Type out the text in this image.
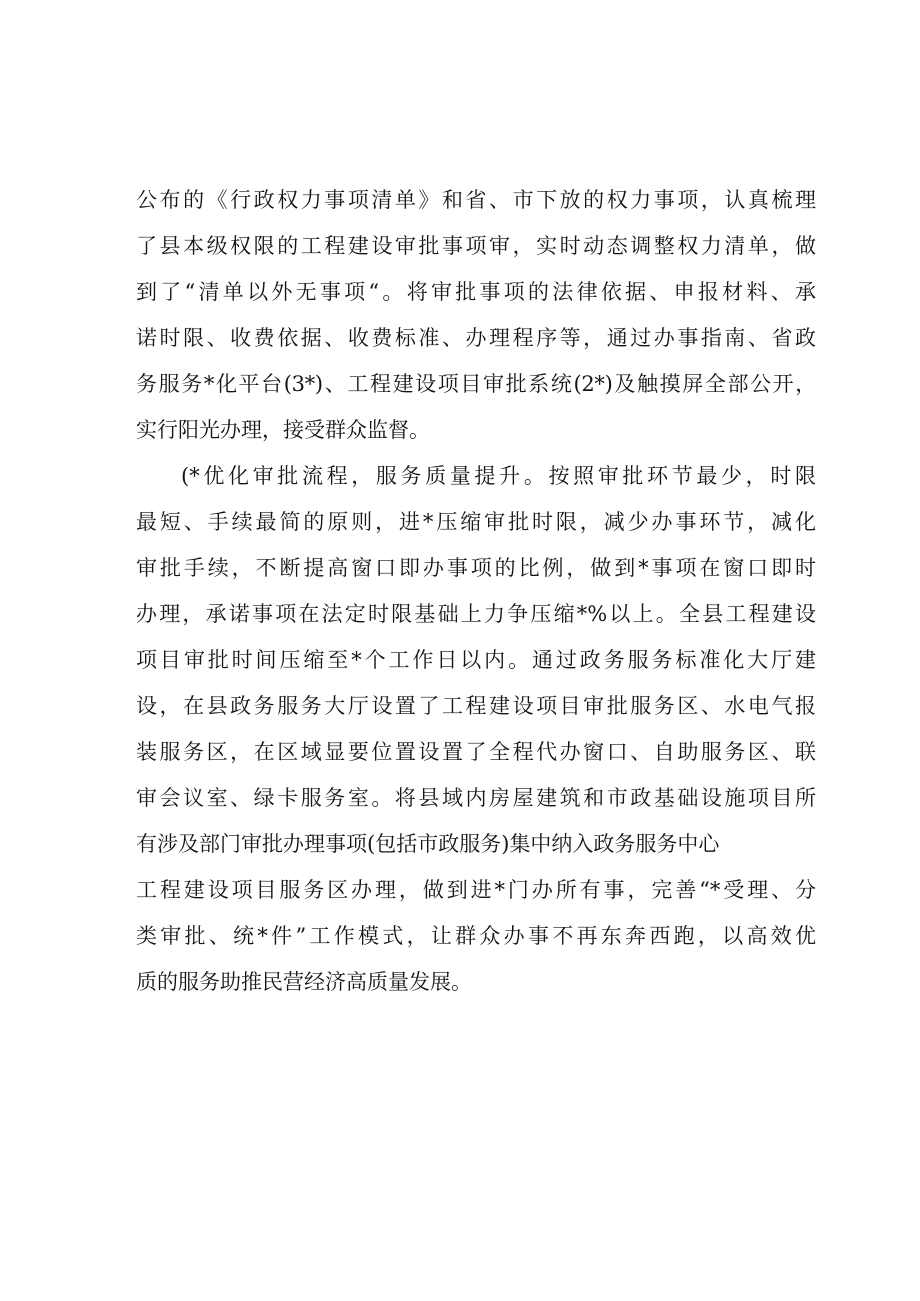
公布的《行政权力事项清单》和省、市下放的权力事项，认真梳理
了县本级权限的工程建设审批事项审，实时动态调整权力清单，做
到了“清单以外无事项“。将审批事项的法律依据、申报材料、承
诺时限、收费依据、收费标准、办理程序等，通过办事指南、省政
务服务*化平台(3*)、工程建设项目审批系统(2*)及触摸屏全部公开，
实行阳光办理，接受群众监督。
(*优化审批流程，服务质量提升。按照审批环节最少，时限
最短、手续最简的原则，进*压缩审批时限，减少办事环节，减化
审批手续，不断提高窗口即办事项的比例，做到*事项在窗口即时
办理，承诺事项在法定时限基础上力争压缩*%以上。全县工程建设
项目审批时间压缩至*个工作日以内。通过政务服务标准化大厅建
设，在县政务服务大厅设置了工程建设项目审批服务区、水电气报
装服务区，在区域显要位置设置了全程代办窗口、自助服务区、联
审会议室、绿卡服务室。将县域内房屋建筑和市政基础设施项目所
有涉及部门审批办理事项(包括市政服务)集中纳入政务服务中心
工程建设项目服务区办理，做到进*门办所有事，完善“*受理、分
类审批、统*件”工作模式，让群众办事不再东奔西跑，以高效优
质的服务助推民营经济高质量发展。
